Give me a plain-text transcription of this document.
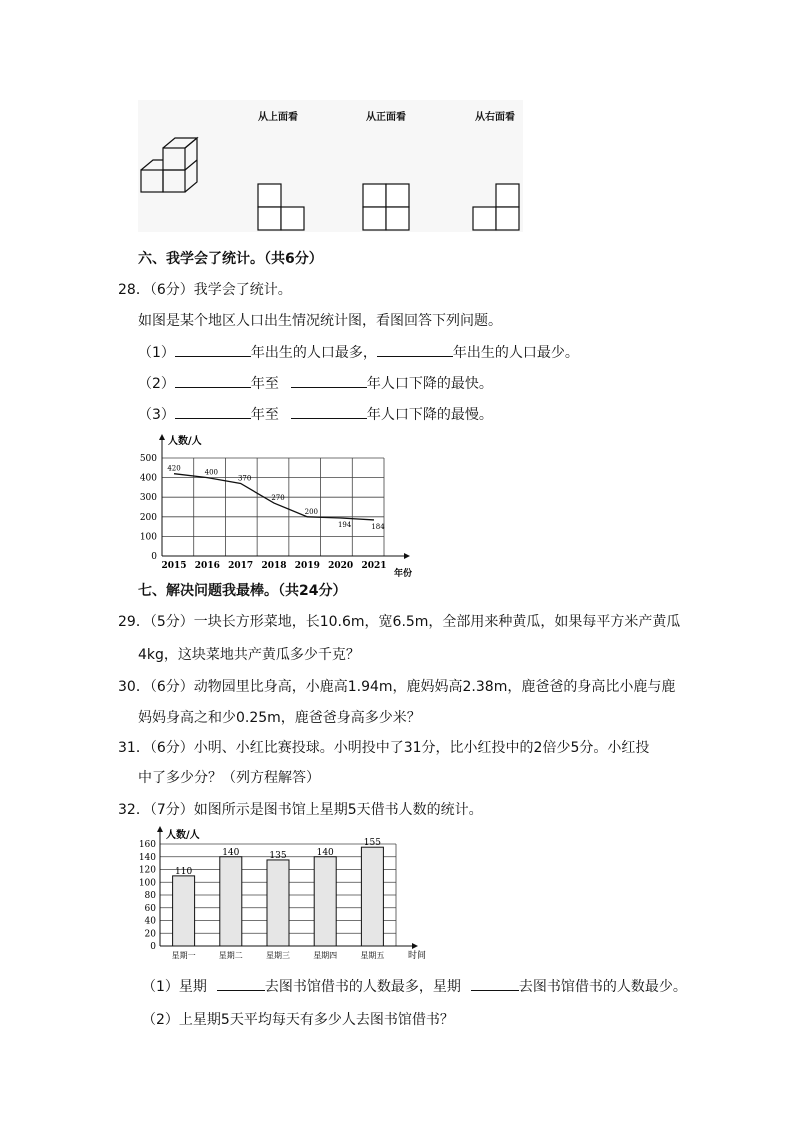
从上面看	从正面看	从右面看
六、我学会了统计。（共6分）
28．（6分）我学会了统计。
如图是某个地区人口出生情况统计图，看图回答下列问题。
（1）	年出生的人口最多，	年出生的人口最少。
（2）	年至	年人口下降的最快。
（3）	年至	年人口下降的最慢。
0
100
200
300
400
500
人数/人
年份
420
2015
400
2016
370
2017
270
2018
200
2019
194
2020
184
2021
七、解决问题我最棒。（共24分）
29．（5分）一块长方形菜地，长10.6m，宽6.5m，全部用来种黄瓜，如果每平方米产黄瓜
4kg，这块菜地共产黄瓜多少千克？
30．（6分）动物园里比身高，小鹿高1.94m，鹿妈妈高2.38m，鹿爸爸的身高比小鹿与鹿
妈妈身高之和少0.25m，鹿爸爸身高多少米？
31．（6分）小明、小红比赛投球。小明投中了31分，比小红投中的2倍少5分。小红投
中了多少分？（列方程解答）
32．（7分）如图所示是图书馆上星期5天借书人数的统计。
0
20
40
60
80
100
120
140
160
人数/人
时间
110
星期一
140
星期二
135
星期三
140
星期四
155
星期五
（1）星期	去图书馆借书的人数最多，星期	去图书馆借书的人数最少。
（2）上星期5天平均每天有多少人去图书馆借书？
